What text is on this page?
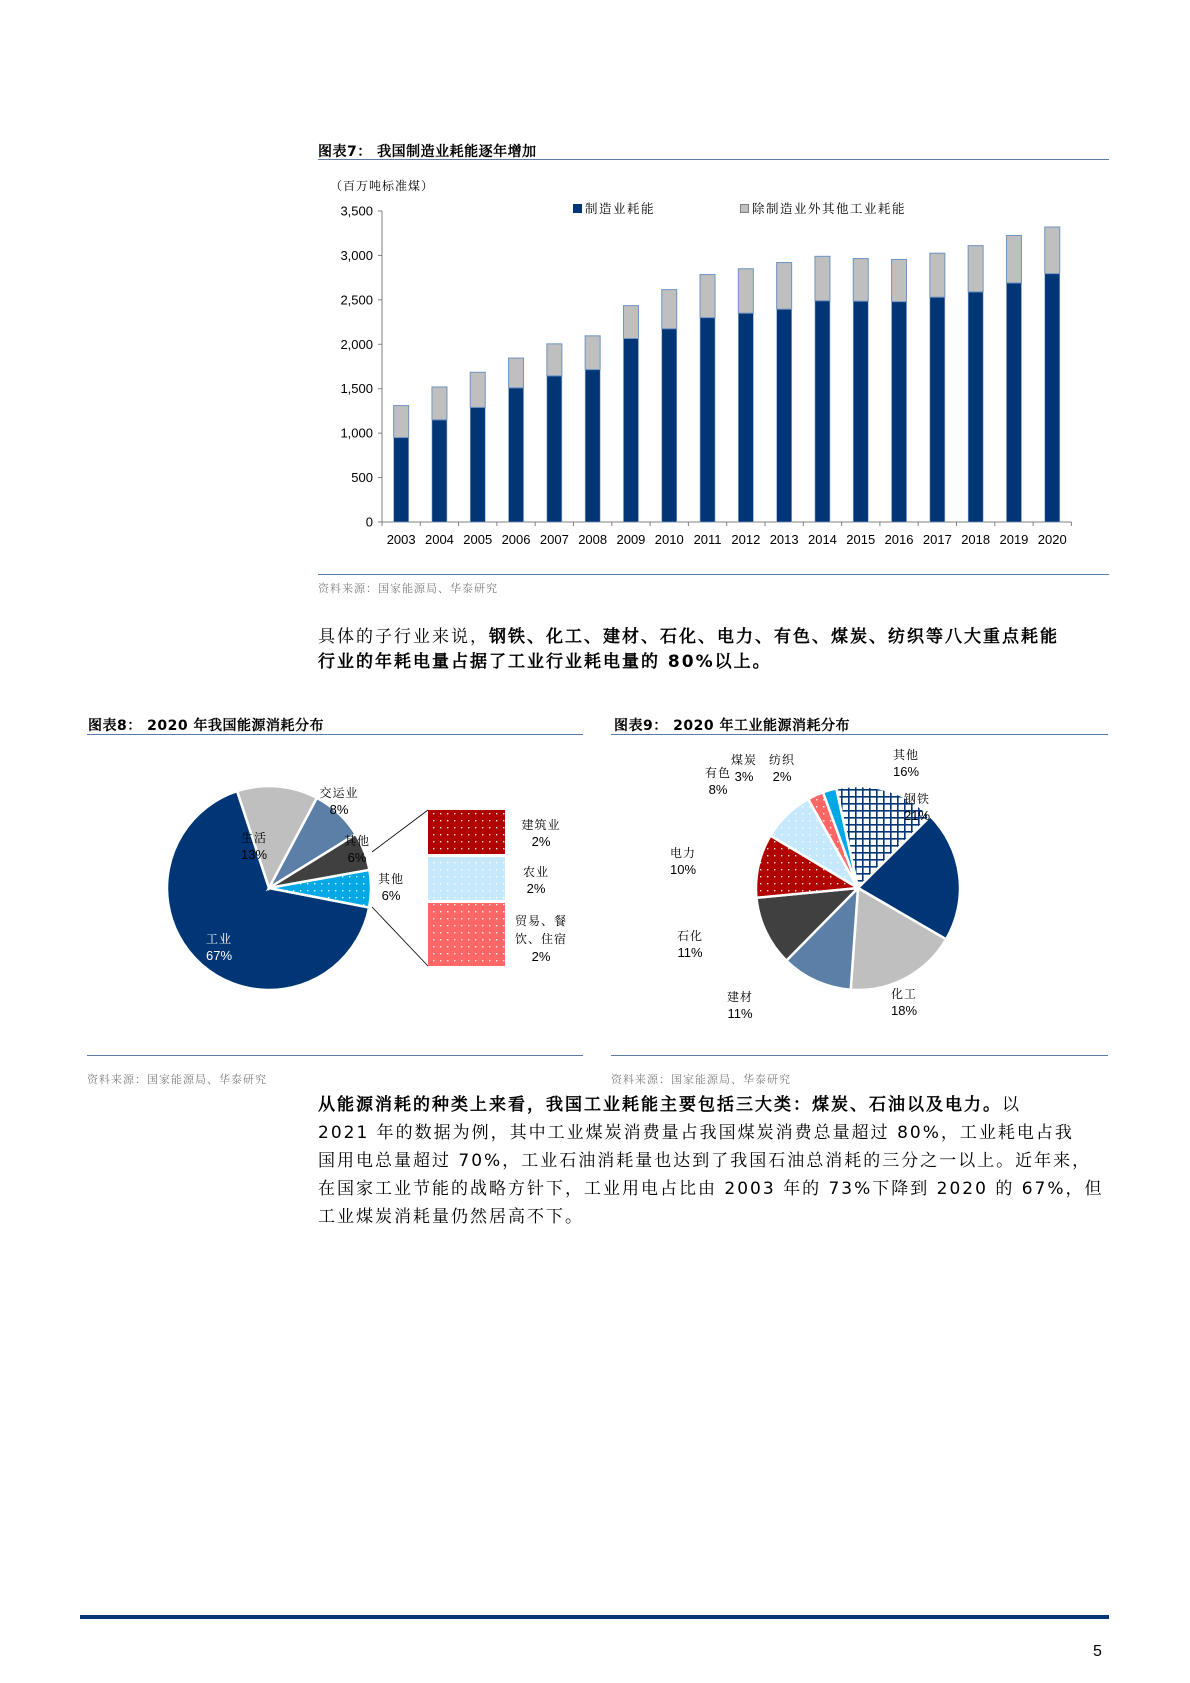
图表7： 我国制造业耗能逐年增加
（百万吨标准煤）
制造业耗能	除制造业外其他工业耗能
0
500
1,000
1,500
2,000
2,500
3,000
3,500
2003 2004 2005 2006 2007 2008 2009 2010 2011 2012 2013 2014 2015 2016 2017 2018 2019 2020
资料来源：国家能源局、华泰研究
具体的子行业来说，钢铁、化工、建材、石化、电力、有色、煤炭、纺织等八大重点耗能
行业的年耗电量占据了工业行业耗电量的 80%以上。
图表8： 2020 年我国能源消耗分布
生活
13%
交运业
8%
其他
6%
其他
6%
工业
67%
建筑业
2%
农业
2%
贸易、餐
饮、住宿
2%
资料来源：国家能源局、华泰研究
图表9： 2020 年工业能源消耗分布
其他
16%
钢铁
21%
化工
18%
建材
11%
石化
11%
电力
10%
有色
8%
煤炭
3%
纺织
2%
资料来源：国家能源局、华泰研究
从能源消耗的种类上来看，我国工业耗能主要包括三大类：煤炭、石油以及电力。以
2021 年的数据为例，其中工业煤炭消费量占我国煤炭消费总量超过 80%，工业耗电占我
国用电总量超过 70%，工业石油消耗量也达到了我国石油总消耗的三分之一以上。近年来，
在国家工业节能的战略方针下，工业用电占比由 2003 年的 73%下降到 2020 的 67%，但
工业煤炭消耗量仍然居高不下。
5
